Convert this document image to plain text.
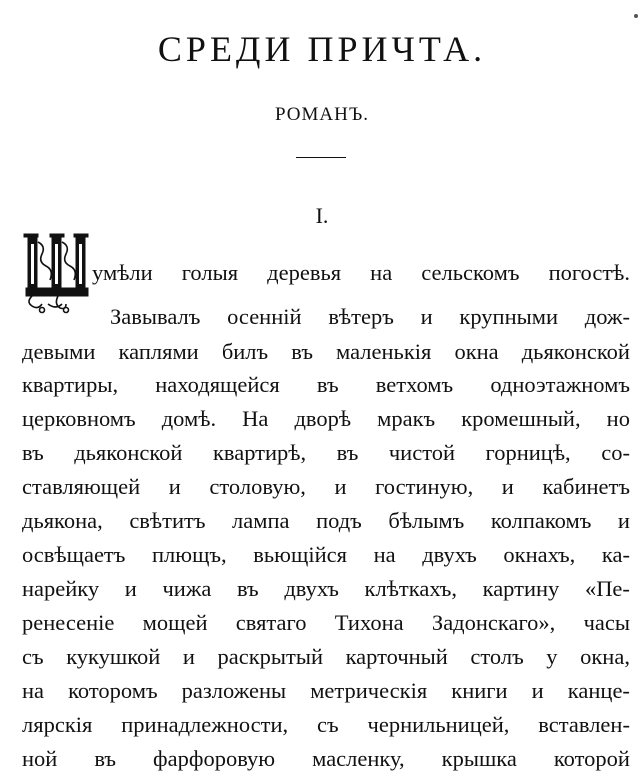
СРЕДИ ПРИЧТА.
РОМАНЪ.
I.
умѣли голыя деревья на сельскомъ погостѣ.
Завывалъ осенній вѣтеръ и крупными дож-
девыми каплями билъ въ маленькія окна дьяконской
квартиры, находящейся въ ветхомъ одноэтажномъ
церковномъ домѣ. На дворѣ мракъ кромешный, но
въ дьяконской квартирѣ, въ чистой горницѣ, со-
ставляющей и столовую, и гостиную, и кабинетъ
дьякона, свѣтитъ лампа подъ бѣлымъ колпакомъ и
освѣщаетъ плющъ, вьющійся на двухъ окнахъ, ка-
нарейку и чижа въ двухъ клѣткахъ, картину «Пе-
ренесеніе мощей святаго Тихона Задонскаго», часы
съ кукушкой и раскрытый карточный столъ у окна,
на которомъ разложены метрическія книги и канце-
лярскія принадлежности, съ чернильницей, вставлен-
ной въ фарфоровую масленку, крышка которой
